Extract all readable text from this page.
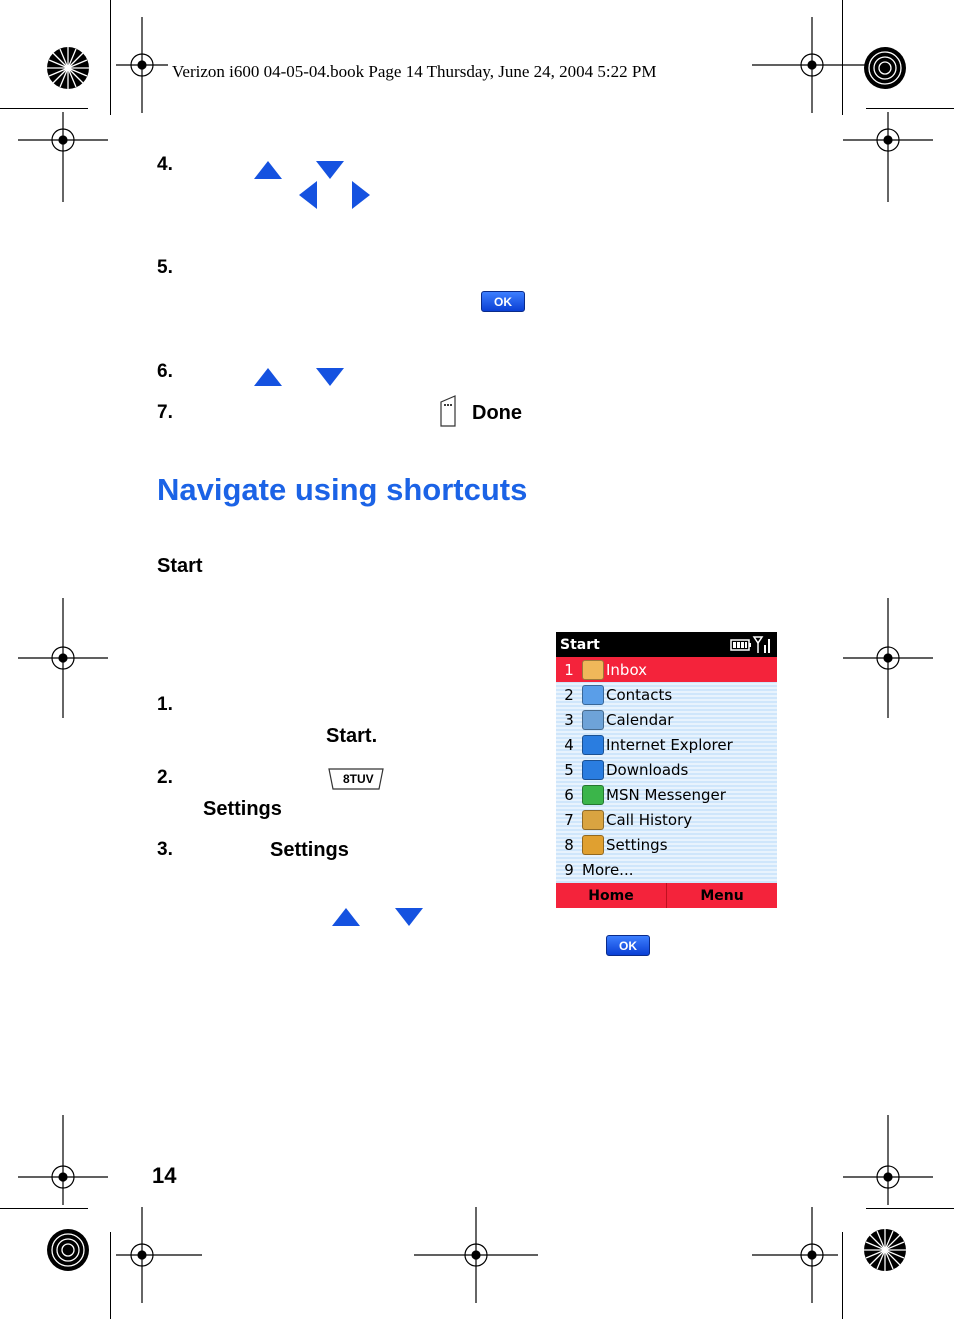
Verizon i600 04-05-04.book Page 14 Thursday, June 24, 2004 5:22 PM
4.
5.
OK
6.
7.	Done
Navigate using shortcuts
Start
1.
Start.
2.	8TUV
Settings
3.	Settings
OK
Start
1	Inbox
2	Contacts
3	Calendar
4	Internet Explorer
5	Downloads
6	MSN Messenger
7	Call History
8	Settings
9 More...
Home	Menu
14
